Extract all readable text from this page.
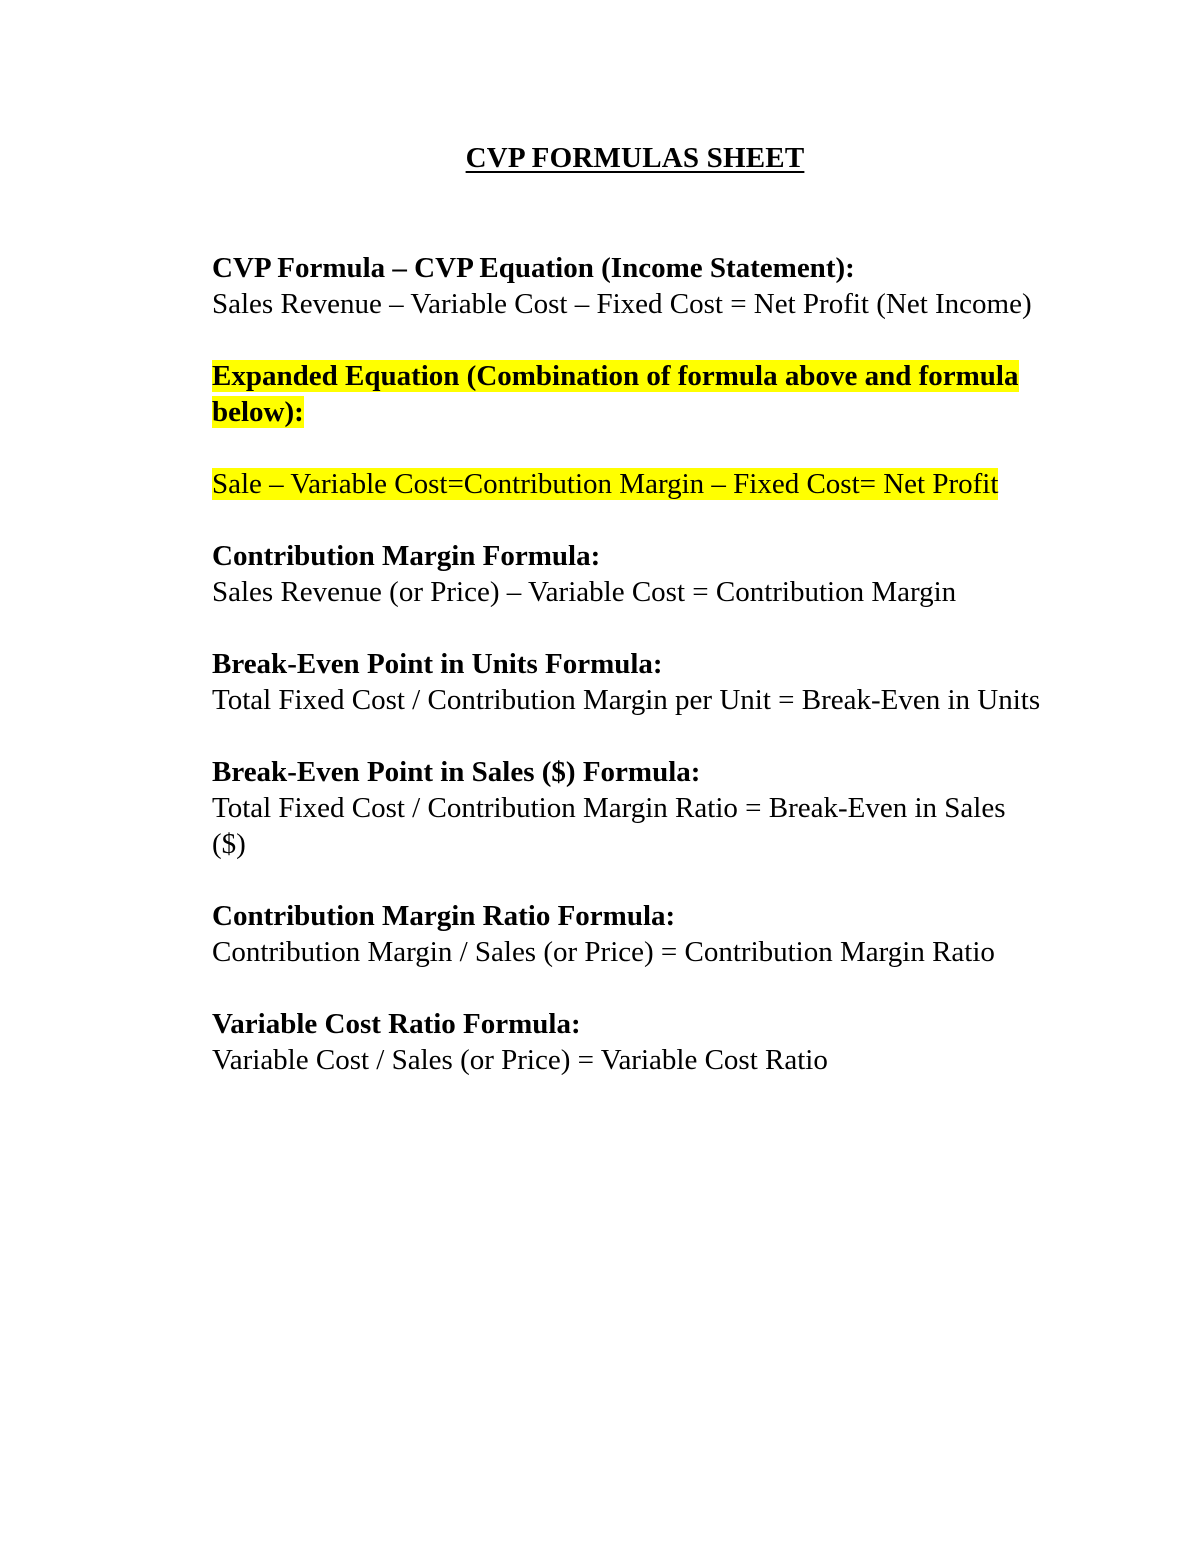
CVP FORMULAS SHEET
CVP Formula – CVP Equation (Income Statement):
Sales Revenue – Variable Cost – Fixed Cost = Net Profit (Net Income)
Expanded Equation (Combination of formula above and formula below):
Sale – Variable Cost=Contribution Margin – Fixed Cost= Net Profit
Contribution Margin Formula:
Sales Revenue (or Price) – Variable Cost = Contribution Margin
Break-Even Point in Units Formula:
Total Fixed Cost / Contribution Margin per Unit = Break-Even in Units
Break-Even Point in Sales ($) Formula:
Total Fixed Cost / Contribution Margin Ratio = Break-Even in Sales ($)
Contribution Margin Ratio Formula:
Contribution Margin / Sales (or Price) = Contribution Margin Ratio
Variable Cost Ratio Formula:
Variable Cost / Sales (or Price) = Variable Cost Ratio
